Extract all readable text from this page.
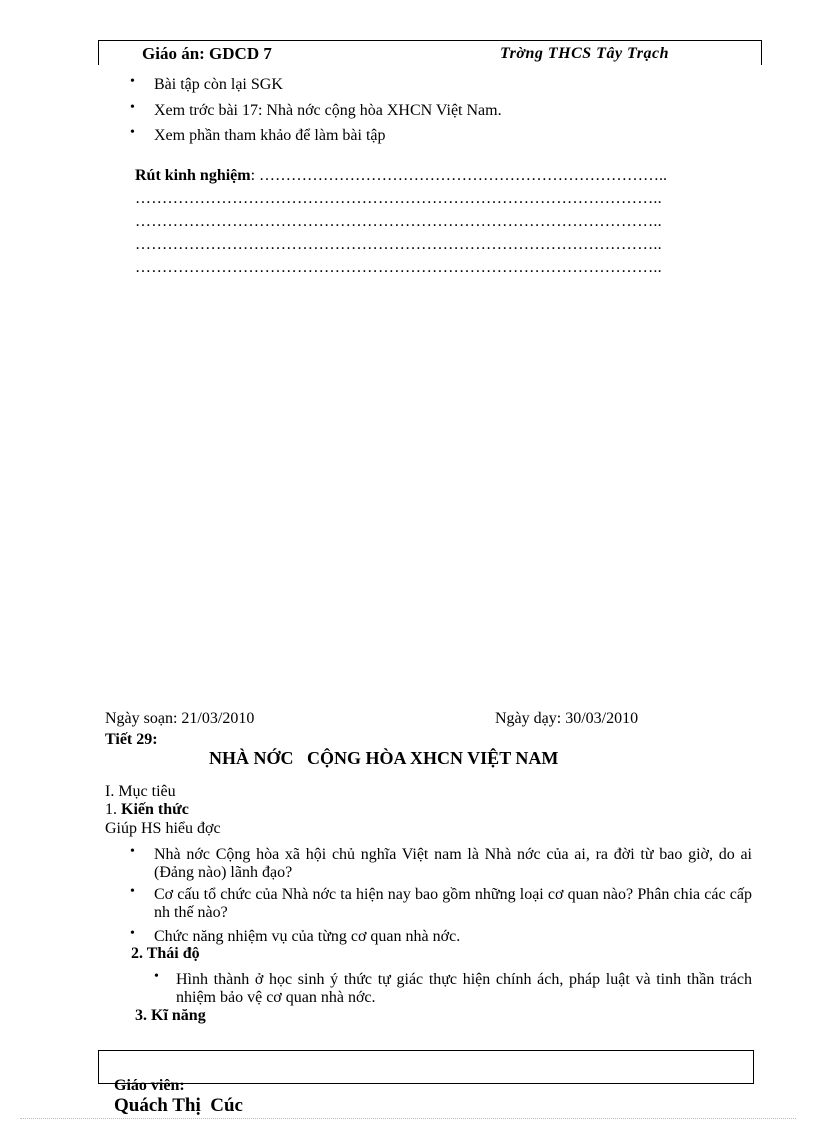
Giáo án: GDCD 7	Trờng THCS Tây Trạch
• Bài tập còn lại SGK
• Xem trớc bài 17: Nhà nớc cộng hòa XHCN Việt Nam.
• Xem phần tham khảo để làm bài tập
Rút kinh nghiệm: …………………………………………………………………..
……………………………………………………………………………………..
……………………………………………………………………………………..
……………………………………………………………………………………..
……………………………………………………………………………………..
Ngày soạn: 21/03/2010	Ngày dạy: 30/03/2010
Tiết 29:
NHÀ NỚC   CỘNG HÒA XHCN VIỆT NAM
I. Mục tiêu
1. Kiến thức
Giúp HS hiểu đợc
• Nhà nớc Cộng hòa xã hội chủ nghĩa Việt nam là Nhà nớc của ai, ra đời từ bao giờ, do ai (Đảng nào) lãnh đạo?
• Cơ cấu tổ chức của Nhà nớc ta hiện nay bao gồm những loại cơ quan nào? Phân chia các cấp nh thế nào?
• Chức năng nhiệm vụ của từng cơ quan nhà nớc.
2. Thái độ
• Hình thành ở học sinh ý thức tự giác thực hiện chính ách, pháp luật và tinh thần trách nhiệm bảo vệ cơ quan nhà nớc.
3. Kĩ năng

Giáo viên:
Quách Thị  Cúc
